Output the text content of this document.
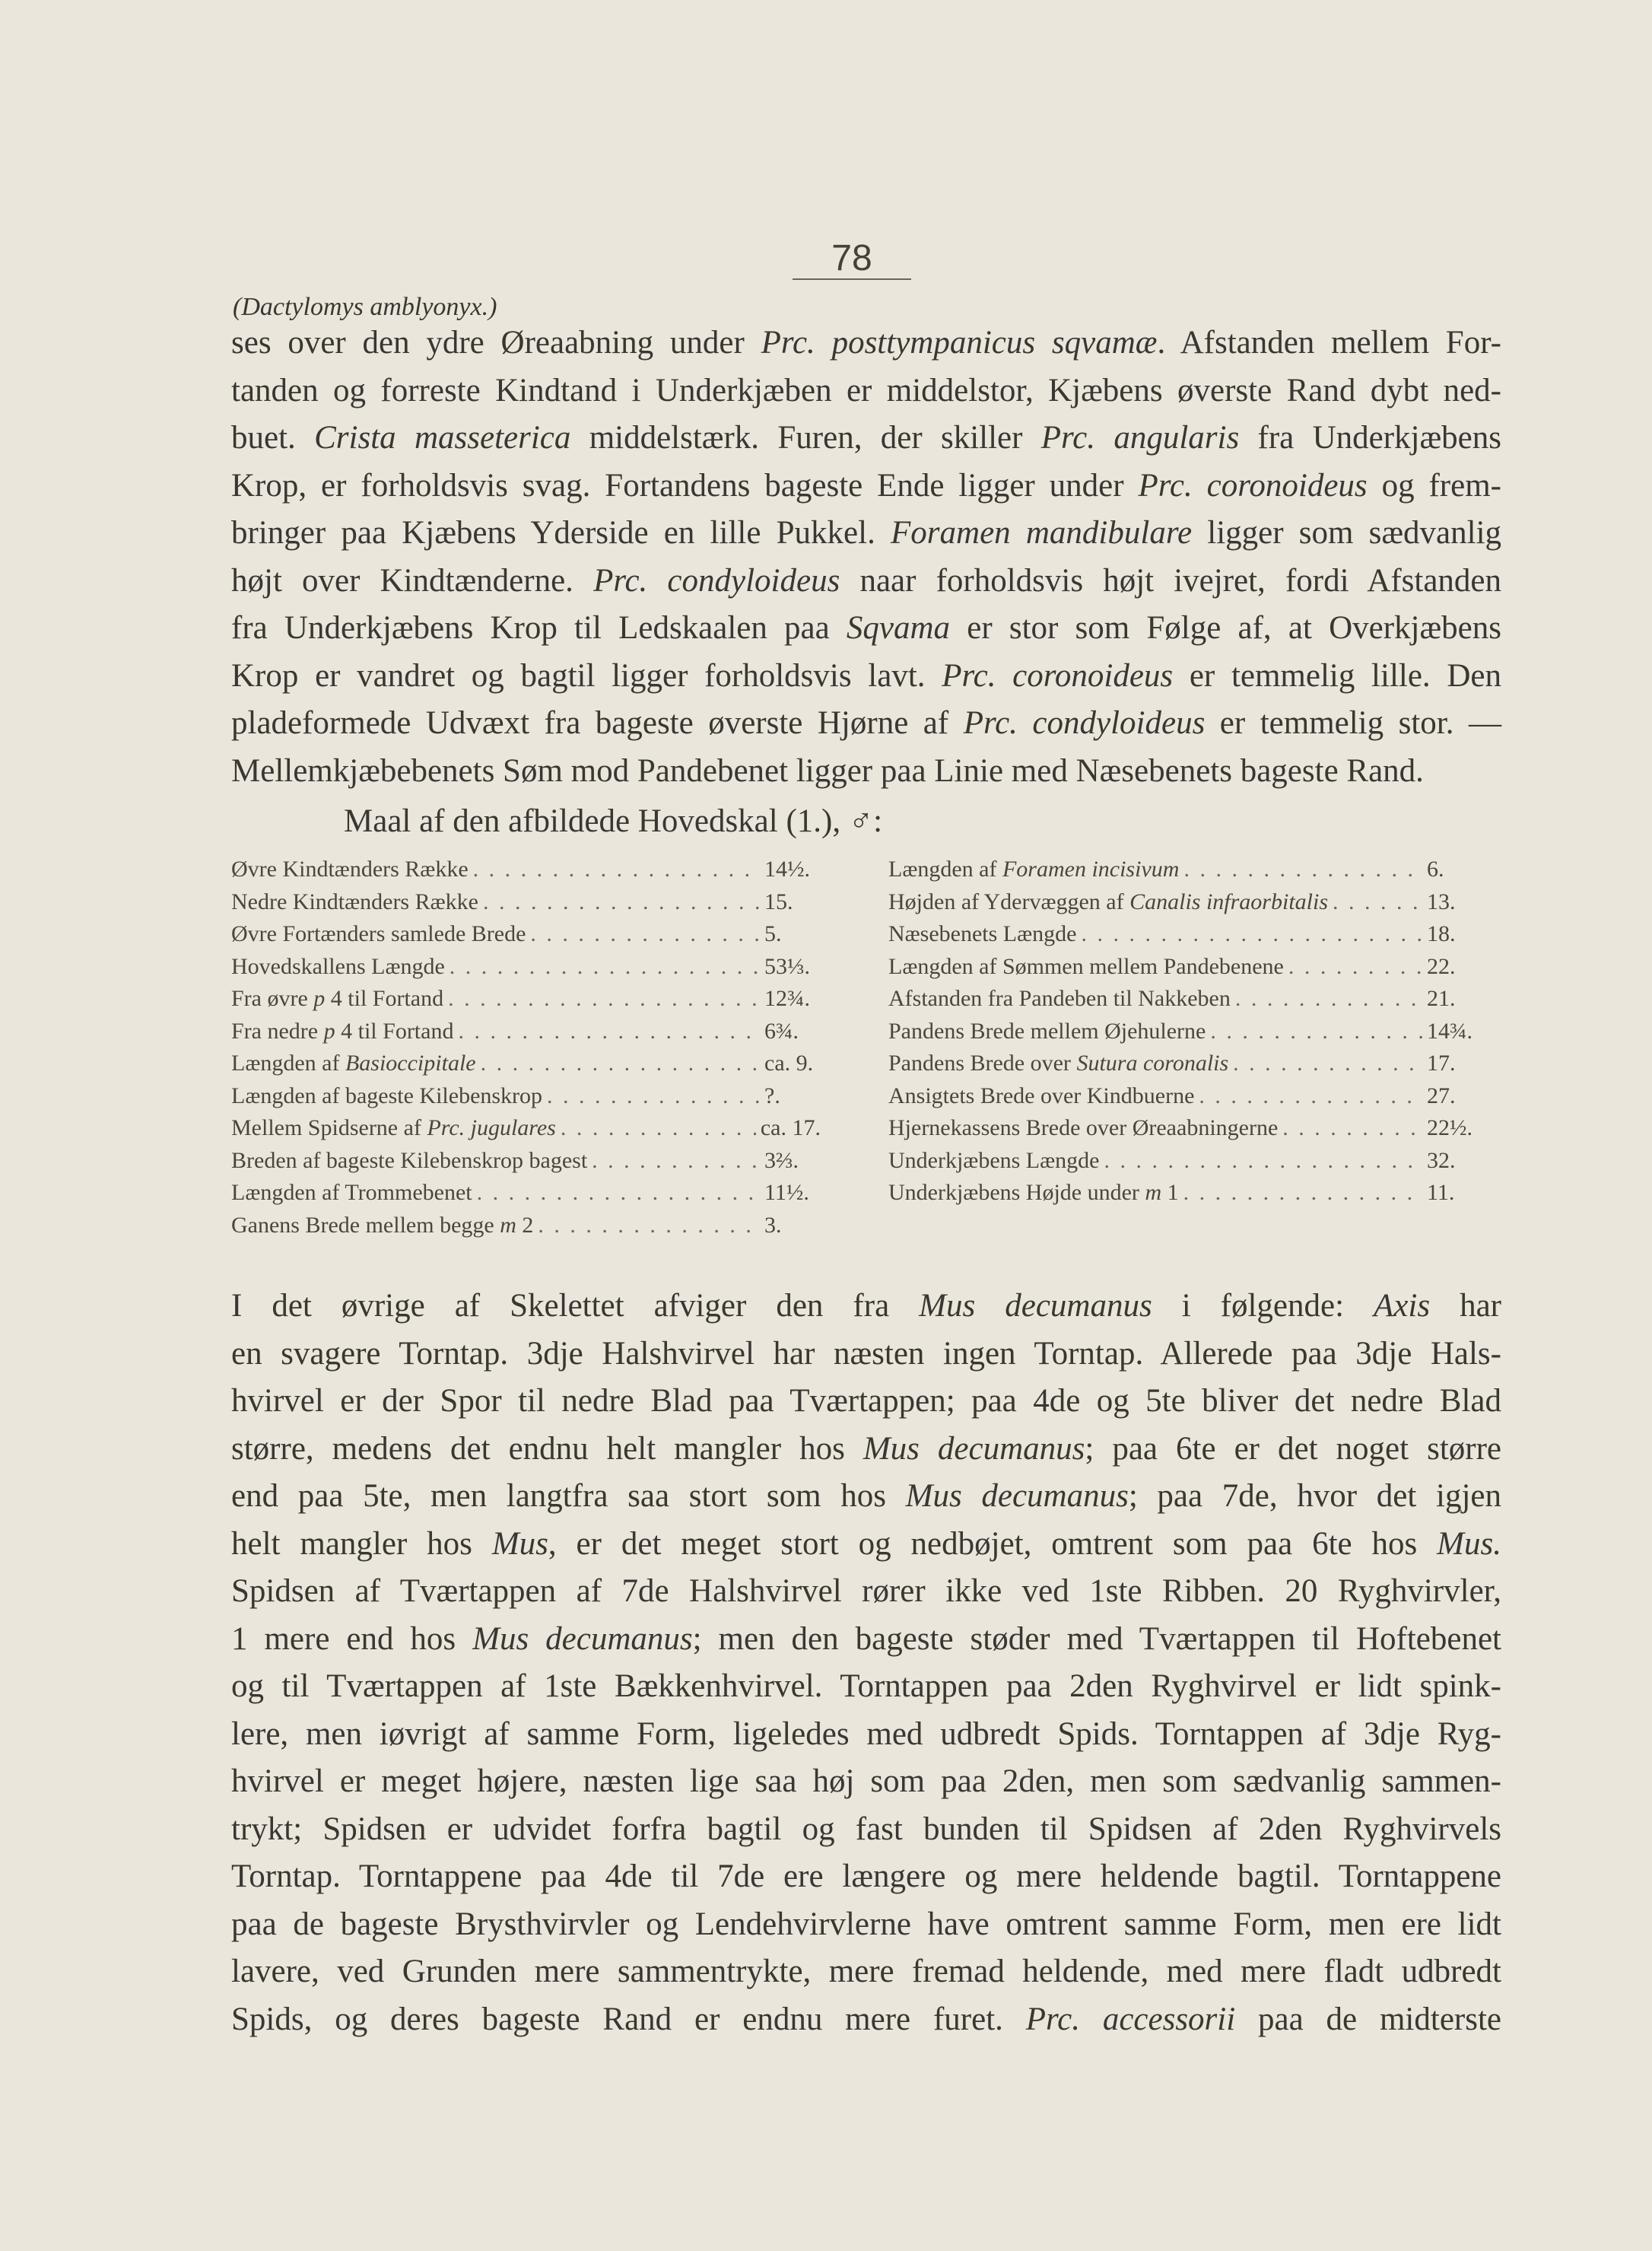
78
(Dactylomys amblyonyx.)
ses over den ydre Øreaabning under Prc. posttympanicus sqvamæ. Afstanden mellem For-
tanden og forreste Kindtand i Underkjæben er middelstor, Kjæbens øverste Rand dybt ned-
buet. Crista masseterica middelstærk. Furen, der skiller Prc. angularis fra Underkjæbens
Krop, er forholdsvis svag. Fortandens bageste Ende ligger under Prc. coronoideus og frem-
bringer paa Kjæbens Yderside en lille Pukkel. Foramen mandibulare ligger som sædvanlig
højt over Kindtænderne. Prc. condyloideus naar forholdsvis højt ivejret, fordi Afstanden
fra Underkjæbens Krop til Ledskaalen paa Sqvama er stor som Følge af, at Overkjæbens
Krop er vandret og bagtil ligger forholdsvis lavt. Prc. coronoideus er temmelig lille. Den
pladeformede Udvæxt fra bageste øverste Hjørne af Prc. condyloideus er temmelig stor. —
Mellemkjæbebenets Søm mod Pandebenet ligger paa Linie med Næsebenets bageste Rand.
Maal af den afbildede Hovedskal (1.), ♂:
Øvre Kindtænders Række . . .	14½.
Nedre Kindtænders Række . . .	15.
Øvre Fortænders samlede Brede . . .	5.
Hovedskallens Længde . . .	53⅓.
Fra øvre p 4 til Fortand . . .	12¾.
Fra nedre p 4 til Fortand . . .	6¾.
Længden af Basioccipitale . . .	ca. 9.
Længden af bageste Kilebenskrop . . .	?.
Mellem Spidserne af Prc. jugulares . . .	ca. 17.
Breden af bageste Kilebenskrop bagest . . .	3⅔.
Længden af Trommebenet . . .	11½.
Ganens Brede mellem begge m 2 . . .	3.
Længden af Foramen incisivum . . .	6.
Højden af Ydervæggen af Canalis infraorbitalis . . .	13.
Næsebenets Længde . . .	18.
Længden af Sømmen mellem Pandebenene . . .	22.
Afstanden fra Pandeben til Nakkeben . . .	21.
Pandens Brede mellem Øjehulerne . . .	14¾.
Pandens Brede over Sutura coronalis . . .	17.
Ansigtets Brede over Kindbuerne . . .	27.
Hjernekassens Brede over Øreaabningerne . . .	22½.
Underkjæbens Længde . . .	32.
Underkjæbens Højde under m 1 . . .	11.
I det øvrige af Skelettet afviger den fra Mus decumanus i følgende: Axis har
en svagere Torntap. 3dje Halshvirvel har næsten ingen Torntap. Allerede paa 3dje Hals-
hvirvel er der Spor til nedre Blad paa Tværtappen; paa 4de og 5te bliver det nedre Blad
større, medens det endnu helt mangler hos Mus decumanus; paa 6te er det noget større
end paa 5te, men langtfra saa stort som hos Mus decumanus; paa 7de, hvor det igjen
helt mangler hos Mus, er det meget stort og nedbøjet, omtrent som paa 6te hos Mus.
Spidsen af Tværtappen af 7de Halshvirvel rører ikke ved 1ste Ribben. 20 Ryghvirvler,
1 mere end hos Mus decumanus; men den bageste støder med Tværtappen til Hoftebenet
og til Tværtappen af 1ste Bækkenhvirvel. Torntappen paa 2den Ryghvirvel er lidt spink-
lere, men iøvrigt af samme Form, ligeledes med udbredt Spids. Torntappen af 3dje Ryg-
hvirvel er meget højere, næsten lige saa høj som paa 2den, men som sædvanlig sammen-
trykt; Spidsen er udvidet forfra bagtil og fast bunden til Spidsen af 2den Ryghvirvels
Torntap. Torntappene paa 4de til 7de ere længere og mere heldende bagtil. Torntappene
paa de bageste Brysthvirvler og Lendehvirvlerne have omtrent samme Form, men ere lidt
lavere, ved Grunden mere sammentrykte, mere fremad heldende, med mere fladt udbredt
Spids, og deres bageste Rand er endnu mere furet. Prc. accessorii paa de midterste
